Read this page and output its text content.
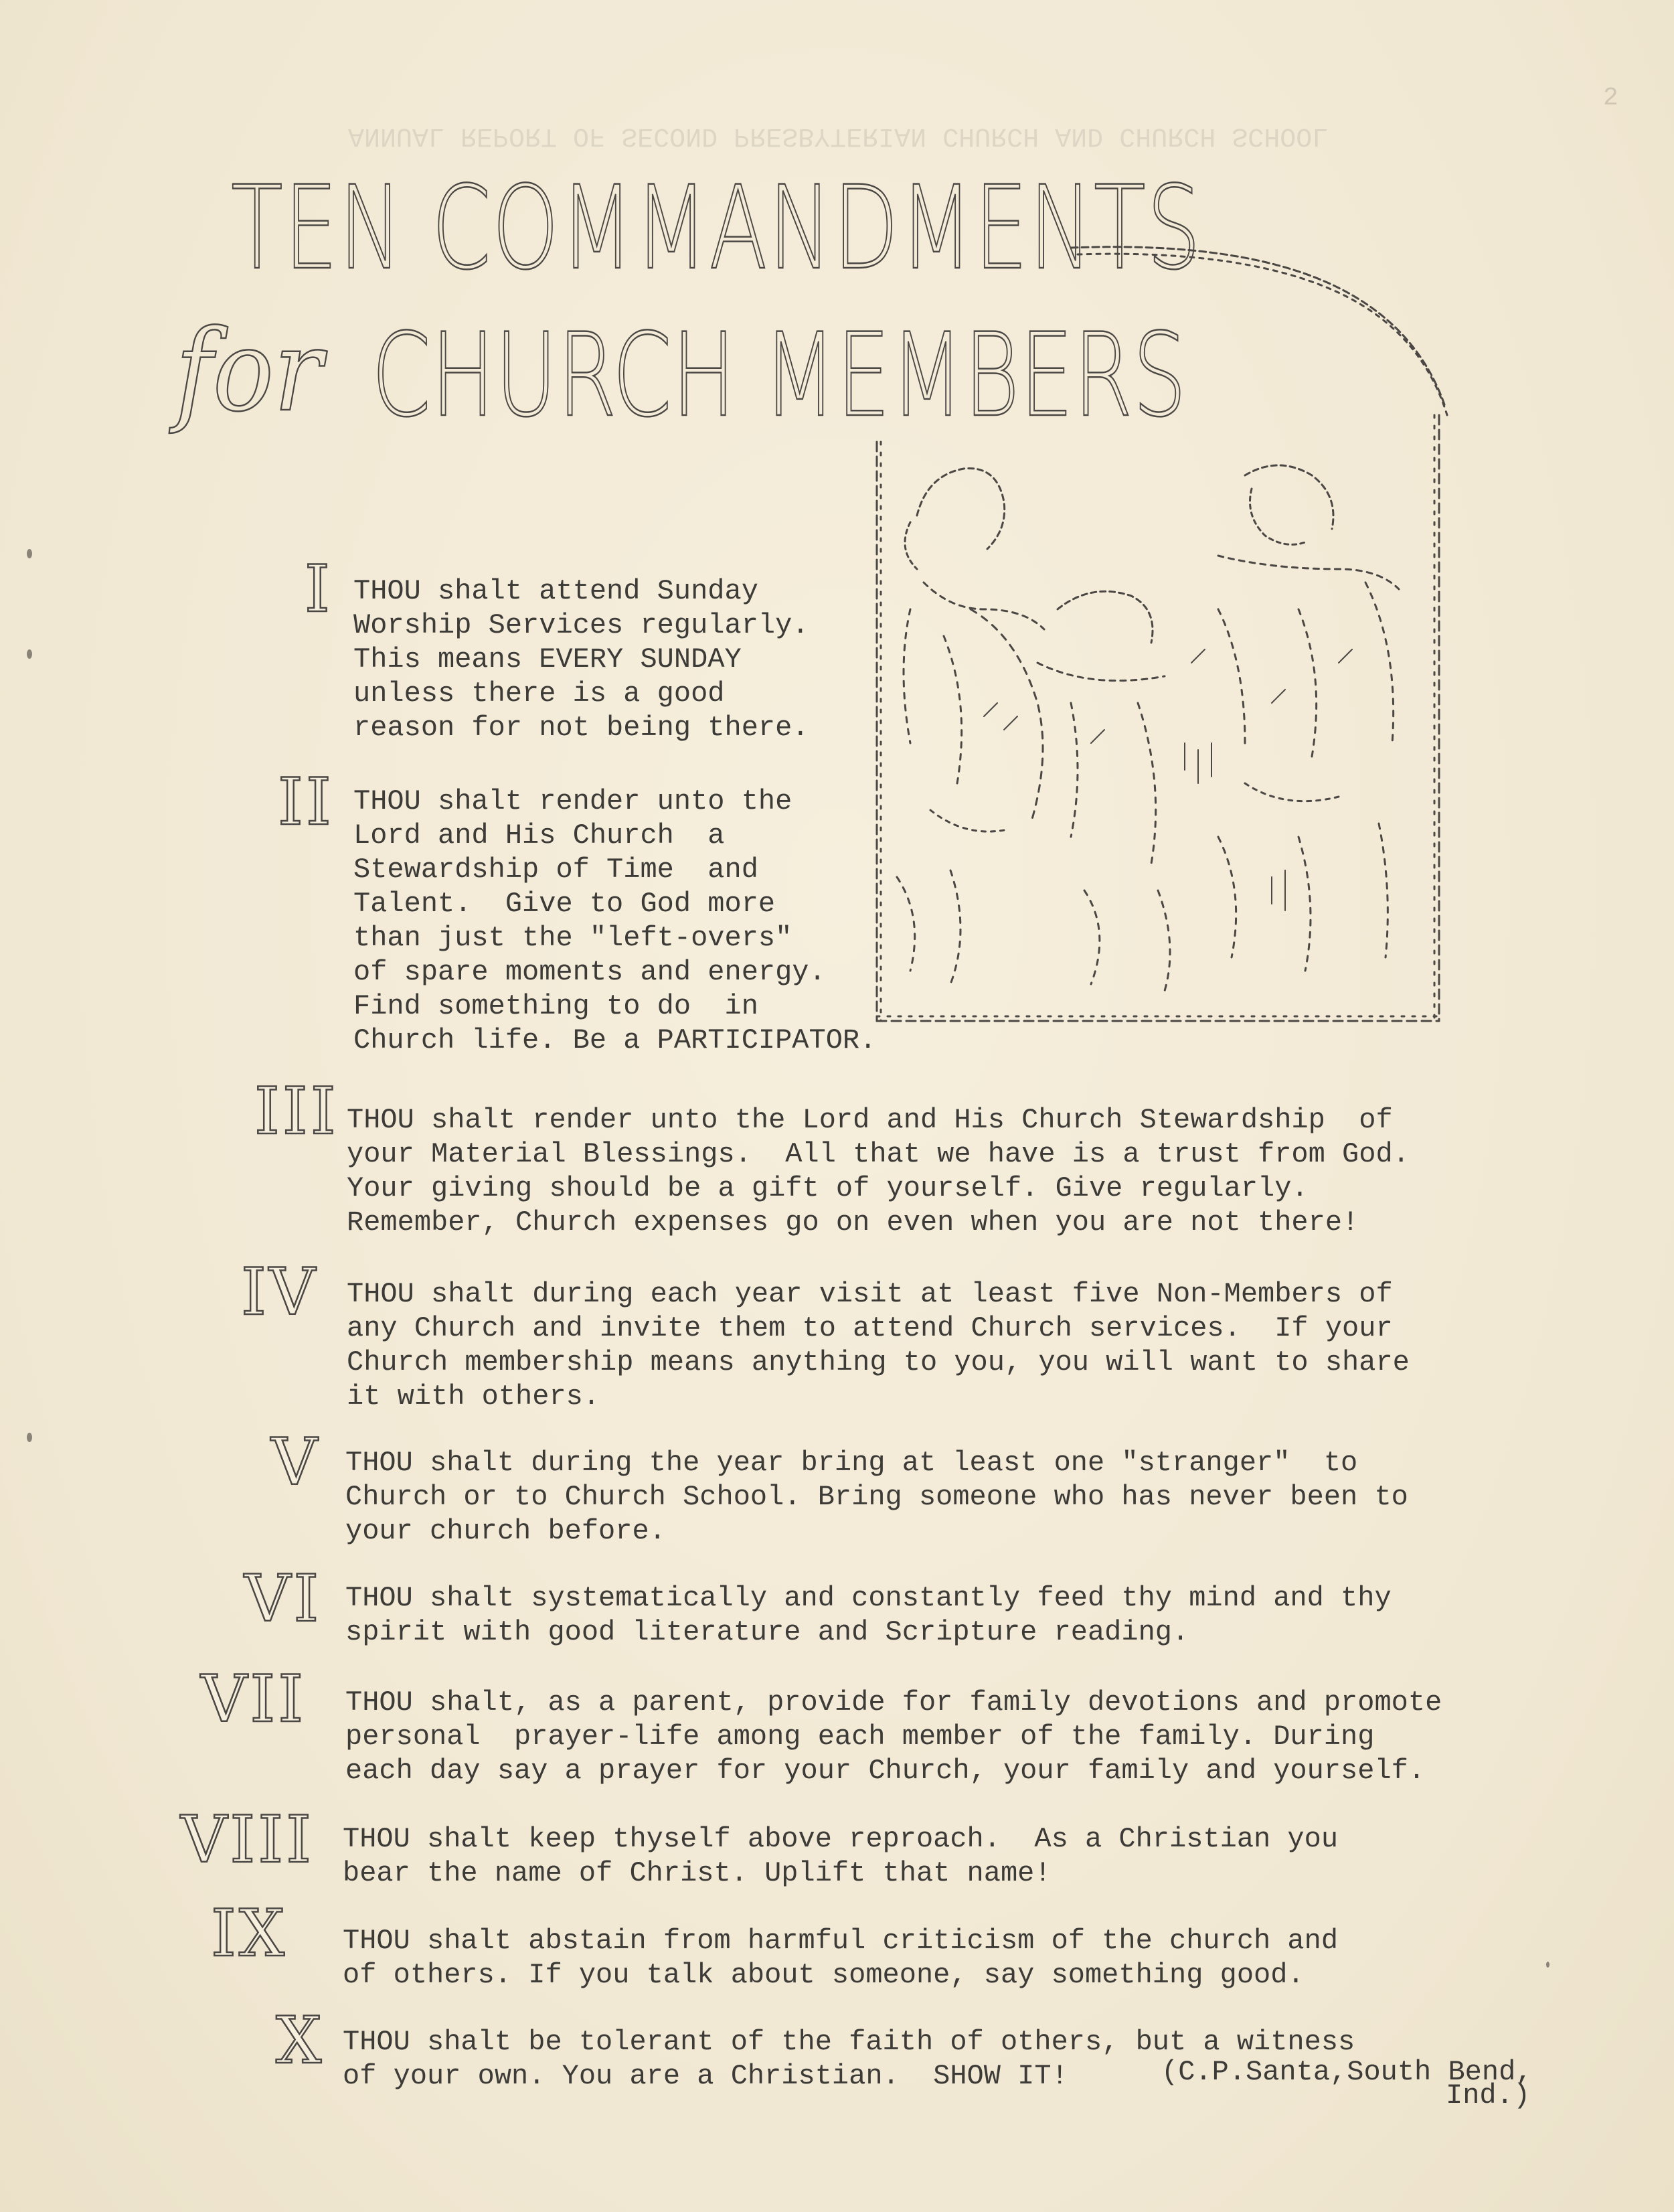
ANNUAL REPORT OF SECOND PRESBYTERIAN CHURCH AND CHURCH SCHOOL
2
TEN COMMANDMENTS
for CHURCH MEMBERS
I THOU shalt attend Sunday
Worship Services regularly.
This means EVERY SUNDAY
unless there is a good
reason for not being there.
II THOU shalt render unto the
Lord and His Church  a
Stewardship of Time  and
Talent.  Give to God more
than just the "left-overs"
of spare moments and energy.
Find something to do  in
Church life. Be a PARTICIPATOR.
III THOU shalt render unto the Lord and His Church Stewardship  of
your Material Blessings.  All that we have is a trust from God.
Your giving should be a gift of yourself. Give regularly.
Remember, Church expenses go on even when you are not there!
IV THOU shalt during each year visit at least five Non-Members of
any Church and invite them to attend Church services.  If your
Church membership means anything to you, you will want to share
it with others.
V THOU shalt during the year bring at least one "stranger"  to
Church or to Church School. Bring someone who has never been to
your church before.
VI THOU shalt systematically and constantly feed thy mind and thy
spirit with good literature and Scripture reading.
VII THOU shalt, as a parent, provide for family devotions and promote
personal  prayer-life among each member of the family. During
each day say a prayer for your Church, your family and yourself.
VIII THOU shalt keep thyself above reproach.  As a Christian you
bear the name of Christ. Uplift that name!
IX THOU shalt abstain from harmful criticism of the church and
of others. If you talk about someone, say something good.
X THOU shalt be tolerant of the faith of others, but a witness
of your own. You are a Christian.  SHOW IT!	(C.P.Santa,South Bend,
Ind.)
